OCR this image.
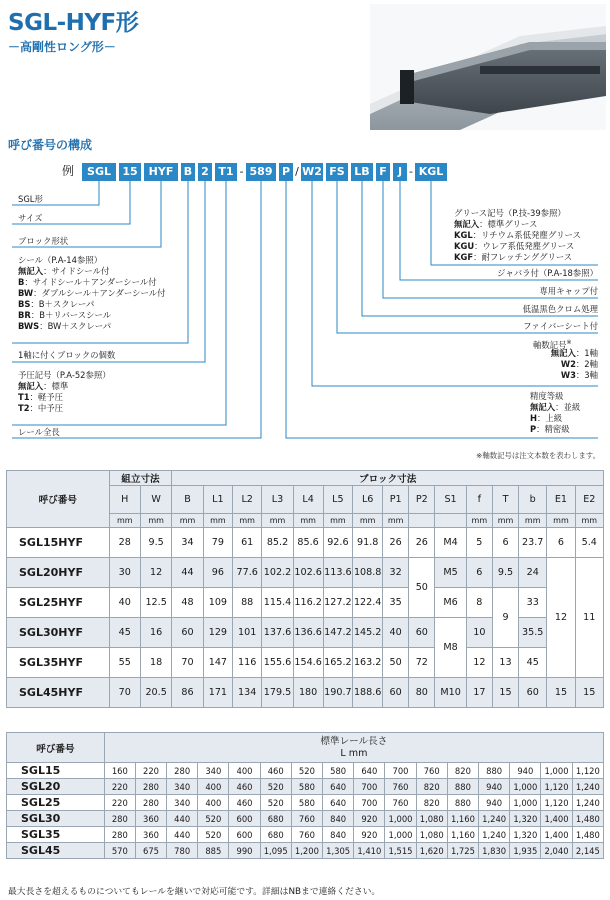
SGL-HYF形
－高剛性ロング形－
呼び番号の構成
例	SGL	15	HYF B 2 T1 - 589 P / W2 FS LB F	J - KGL
SGL形
サイズ
ブロック形状
シール（P.A-14参照）
無記入：サイドシール付
B：サイドシール＋アンダーシール付
BW：ダブルシール＋アンダーシール付
BS：B＋スクレーパ
BR：B＋リバースシール
BWS：BW＋スクレーパ
1軸に付くブロックの個数
予圧記号（P.A-52参照）
無記入：標準
T1：軽予圧
T2：中予圧
レール全長
グリース記号（P.技-39参照）
無記入：標準グリース
KGL：リチウム系低発塵グリース
KGU：ウレア系低発塵グリース
KGF：耐フレッチンググリース
ジャバラ付（P.A-18参照）
専用キャップ付
低温黒色クロム処理
ファイバーシート付
軸数記号※
無記入：1軸
W2：2軸
W3：3軸
精度等級
無記入：並級
H：上級
P：精密級
※軸数記号は注文本数を表わします。
呼び番号	組立寸法		ブロック寸法														
	H	W	B	L1	L2	L3	L4	L5	L6	P1	P2	S1	f	T	b	E1	E2
	mm	mm	mm	mm	mm	mm	mm	mm	mm	mm			mm	mm	mm	mm	mm
SGL15HYF	28	9.5	34	79	61	85.2	85.6	92.6	91.8	26	26	M4	5	6	23.7	6	5.4
SGL20HYF	30	12	44	96	77.6	102.2	102.6	113.6	108.8	32	50	M5	6	9.5	24	12	11
SGL25HYF	40	12.5	48	109	88	115.4	116.2	127.2	122.4	35		M6	8	9	33		
SGL30HYF	45	16	60	129	101	137.6	136.6	147.2	145.2	40	60	M8	10		35.5		
SGL35HYF	55	18	70	147	116	155.6	154.6	165.2	163.2	50	72		12	13	45		
SGL45HYF	70	20.5	86	171	134	179.5	180	190.7	188.6	60	80	M10	17	15	60	15	15
呼び番号	標準レール長さ
L mm															

SGL15	160	220	280	340	400	460	520	580	640	700	760	820	880	940	1,000	1,120
SGL20	220	280	340	400	460	520	580	640	700	760	820	880	940	1,000	1,120	1,240
SGL25	220	280	340	400	460	520	580	640	700	760	820	880	940	1,000	1,120	1,240
SGL30	280	360	440	520	600	680	760	840	920	1,000	1,080	1,160	1,240	1,320	1,400	1,480
SGL35	280	360	440	520	600	680	760	840	920	1,000	1,080	1,160	1,240	1,320	1,400	1,480
SGL45	570	675	780	885	990	1,095	1,200	1,305	1,410	1,515	1,620	1,725	1,830	1,935	2,040	2,145
最大長さを超えるものについてもレールを継いで対応可能です。詳細はNBまで連絡ください。
